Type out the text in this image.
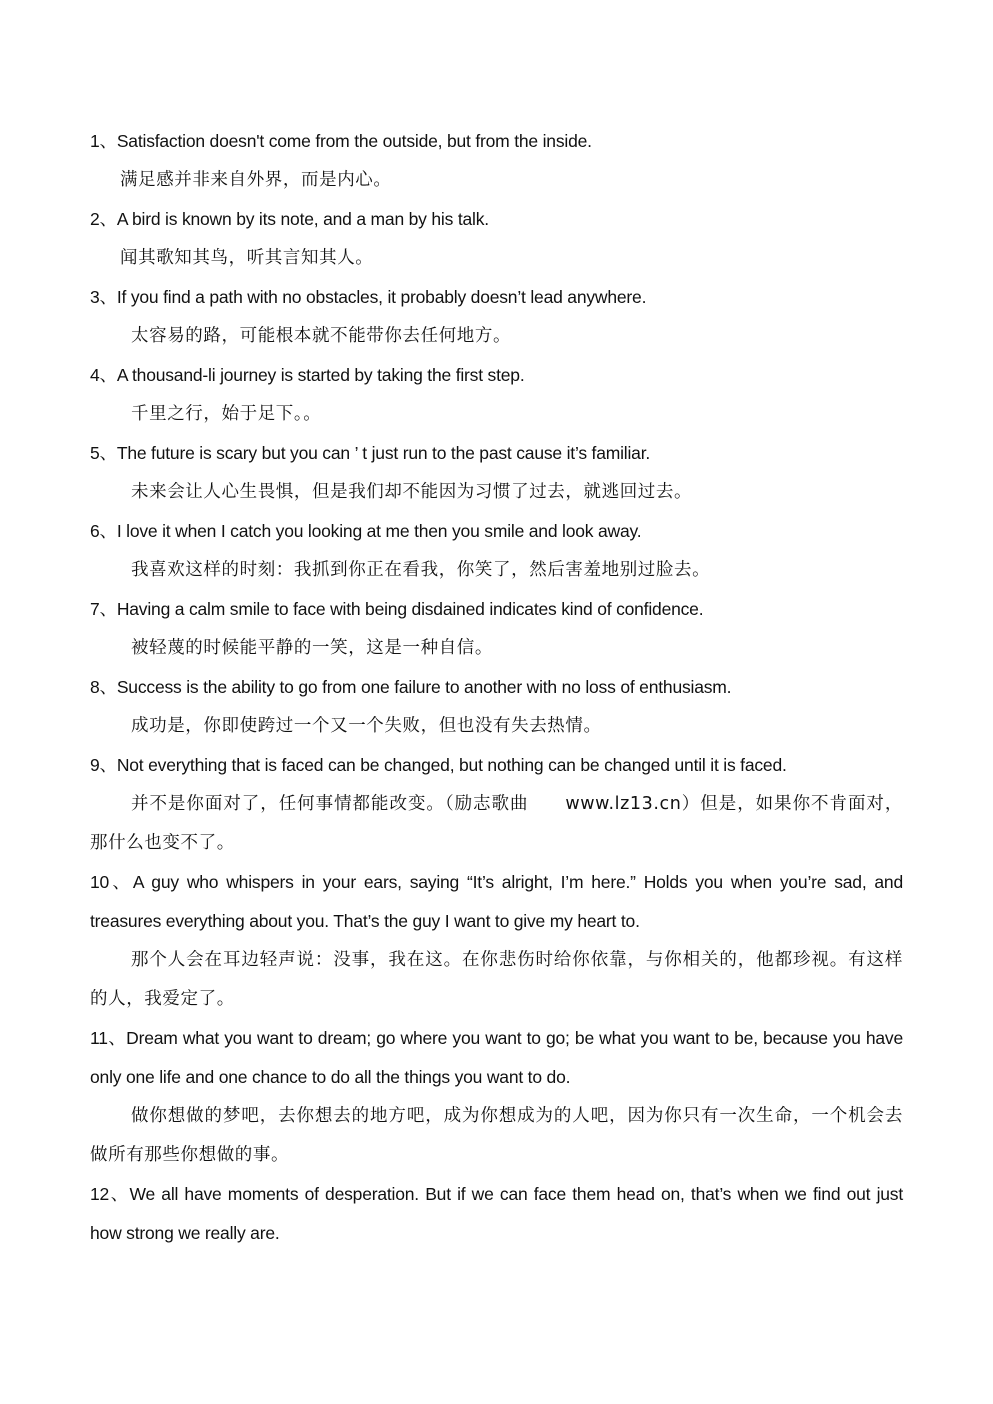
1、Satisfaction doesn't come from the outside, but from the inside.

满足感并非来自外界，而是内心。

2、A bird is known by its note, and a man by his talk.

闻其歌知其鸟，听其言知其人。

3、If you find a path with no obstacles, it probably doesn’t lead anywhere.

太容易的路，可能根本就不能带你去任何地方。

4、A thousand-li journey is started by taking the first step.

千里之行，始于足下。。

5、The future is scary but you can ’ t just run to the past cause it’s familiar.

未来会让人心生畏惧，但是我们却不能因为习惯了过去，就逃回过去。

6、I love it when I catch you looking at me then you smile and look away.

我喜欢这样的时刻：我抓到你正在看我，你笑了，然后害羞地别过脸去。

7、Having a calm smile to face with being disdained indicates kind of confidence.

被轻蔑的时候能平静的一笑，这是一种自信。

8、Success is the ability to go from one failure to another with no loss of enthusiasm.

成功是，你即使跨过一个又一个失败，但也没有失去热情。

9、Not everything that is faced can be changed, but nothing can be changed until it is faced.

并不是你面对了，任何事情都能改变。（励志歌曲　　www.lz13.cn）但是，如果你不肯面对，那什么也变不了。

10、A guy who whispers in your ears, saying “It’s alright, I’m here.” Holds you when you’re sad, and treasures everything about you. That’s the guy I want to give my heart to.

那个人会在耳边轻声说：没事，我在这。在你悲伤时给你依靠，与你相关的，他都珍视。有这样的人，我爱定了。

11、Dream what you want to dream; go where you want to go; be what you want to be, because you have only one life and one chance to do all the things you want to do.

做你想做的梦吧，去你想去的地方吧，成为你想成为的人吧，因为你只有一次生命，一个机会去做所有那些你想做的事。

12、We all have moments of desperation. But if we can face them head on, that’s when we find out just how strong we really are.
